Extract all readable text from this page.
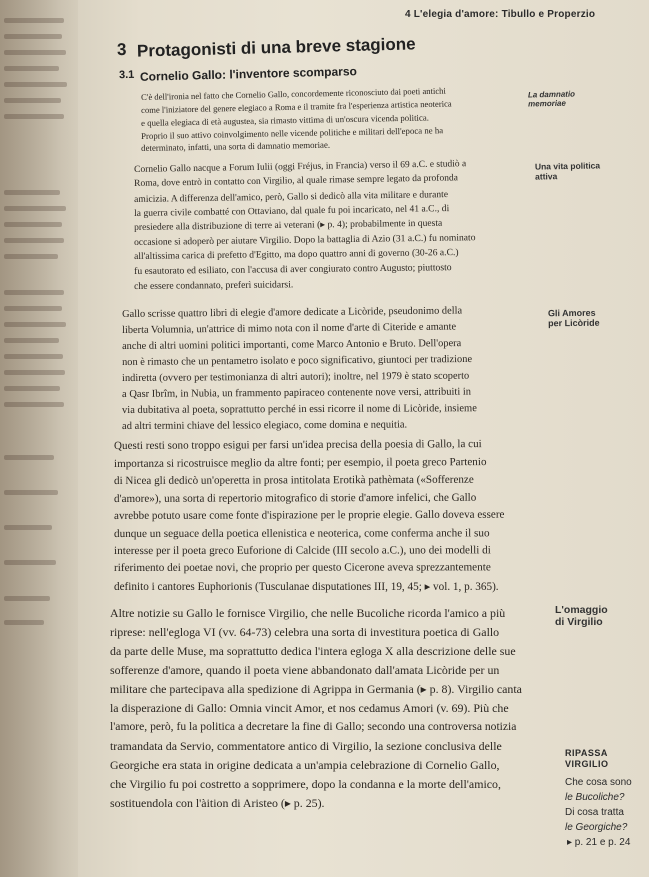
4 L'elegia d'amore: Tibullo e Properzio
3 Protagonisti di una breve stagione
3.1 Cornelio Gallo: l'inventore scomparso
C'è dell'ironia nel fatto che Cornelio Gallo, concordemente riconosciuto dai poeti antichi
come l'iniziatore del genere elegiaco a Roma e il tramite fra l'esperienza artistica neoterica
e quella elegiaca di età augustea, sia rimasto vittima di un'oscura vicenda politica.
Proprio il suo attivo coinvolgimento nelle vicende politiche e militari dell'epoca ne ha
determinato, infatti, una sorta di damnatio memoriae.
Cornelio Gallo nacque a Forum Iulii (oggi Fréjus, in Francia) verso il 69 a.C. e studiò a
Roma, dove entrò in contatto con Virgilio, al quale rimase sempre legato da profonda
amicizia. A differenza dell'amico, però, Gallo si dedicò alla vita militare e durante
la guerra civile combatté con Ottaviano, dal quale fu poi incaricato, nel 41 a.C., di
presiedere alla distribuzione di terre ai veterani (▸ p. 4); probabilmente in questa
occasione si adoperò per aiutare Virgilio. Dopo la battaglia di Azio (31 a.C.) fu nominato
all'altissima carica di prefetto d'Egitto, ma dopo quattro anni di governo (30-26 a.C.)
fu esautorato ed esiliato, con l'accusa di aver congiurato contro Augusto; piuttosto
che essere condannato, preferì suicidarsi.
Gallo scrisse quattro libri di elegie d'amore dedicate a Licòride, pseudonimo della
liberta Volumnia, un'attrice di mimo nota con il nome d'arte di Citeride e amante
anche di altri uomini politici importanti, come Marco Antonio e Bruto. Dell'opera
non è rimasto che un pentametro isolato e poco significativo, giuntoci per tradizione
indiretta (ovvero per testimonianza di altri autori); inoltre, nel 1979 è stato scoperto
a Qasr Ibrîm, in Nubia, un frammento papiraceo contenente nove versi, attribuiti in
via dubitativa al poeta, soprattutto perché in essi ricorre il nome di Licòride, insieme
ad altri termini chiave del lessico elegiaco, come domina e nequitia.
Questi resti sono troppo esigui per farsi un'idea precisa della poesia di Gallo, la cui
importanza si ricostruisce meglio da altre fonti; per esempio, il poeta greco Partenio
di Nicea gli dedicò un'operetta in prosa intitolata Erotikà pathèmata («Sofferenze
d'amore»), una sorta di repertorio mitografico di storie d'amore infelici, che Gallo
avrebbe potuto usare come fonte d'ispirazione per le proprie elegie. Gallo doveva essere
dunque un seguace della poetica ellenistica e neoterica, come conferma anche il suo
interesse per il poeta greco Euforione di Calcide (III secolo a.C.), uno dei modelli di
riferimento dei poetae novi, che proprio per questo Cicerone aveva sprezzantemente
definito i cantores Euphorionis (Tusculanae disputationes III, 19, 45; ▸ vol. 1, p. 365).
Altre notizie su Gallo le fornisce Virgilio, che nelle Bucoliche ricorda l'amico a più
riprese: nell'egloga VI (vv. 64-73) celebra una sorta di investitura poetica di Gallo
da parte delle Muse, ma soprattutto dedica l'intera egloga X alla descrizione delle sue
sofferenze d'amore, quando il poeta viene abbandonato dall'amata Licòride per un
militare che partecipava alla spedizione di Agrippa in Germania (▸ p. 8). Virgilio canta
la disperazione di Gallo: Omnia vincit Amor, et nos cedamus Amori (v. 69). Più che
l'amore, però, fu la politica a decretare la fine di Gallo; secondo una controversa notizia
tramandata da Servio, commentatore antico di Virgilio, la sezione conclusiva delle
Georgiche era stata in origine dedicata a un'ampia celebrazione di Cornelio Gallo,
che Virgilio fu poi costretto a sopprimere, dopo la condanna e la morte dell'amico,
sostituendola con l'àition di Aristeo (▸ p. 25).
La damnatio
memoriae
Una vita politica
attiva
Gli Amores
per Licòride
L'omaggio
di Virgilio
RIPASSA
VIRGILIO
Che cosa sono
le Bucoliche?
Di cosa tratta
le Georgiche?
▸ p. 21 e p. 24
